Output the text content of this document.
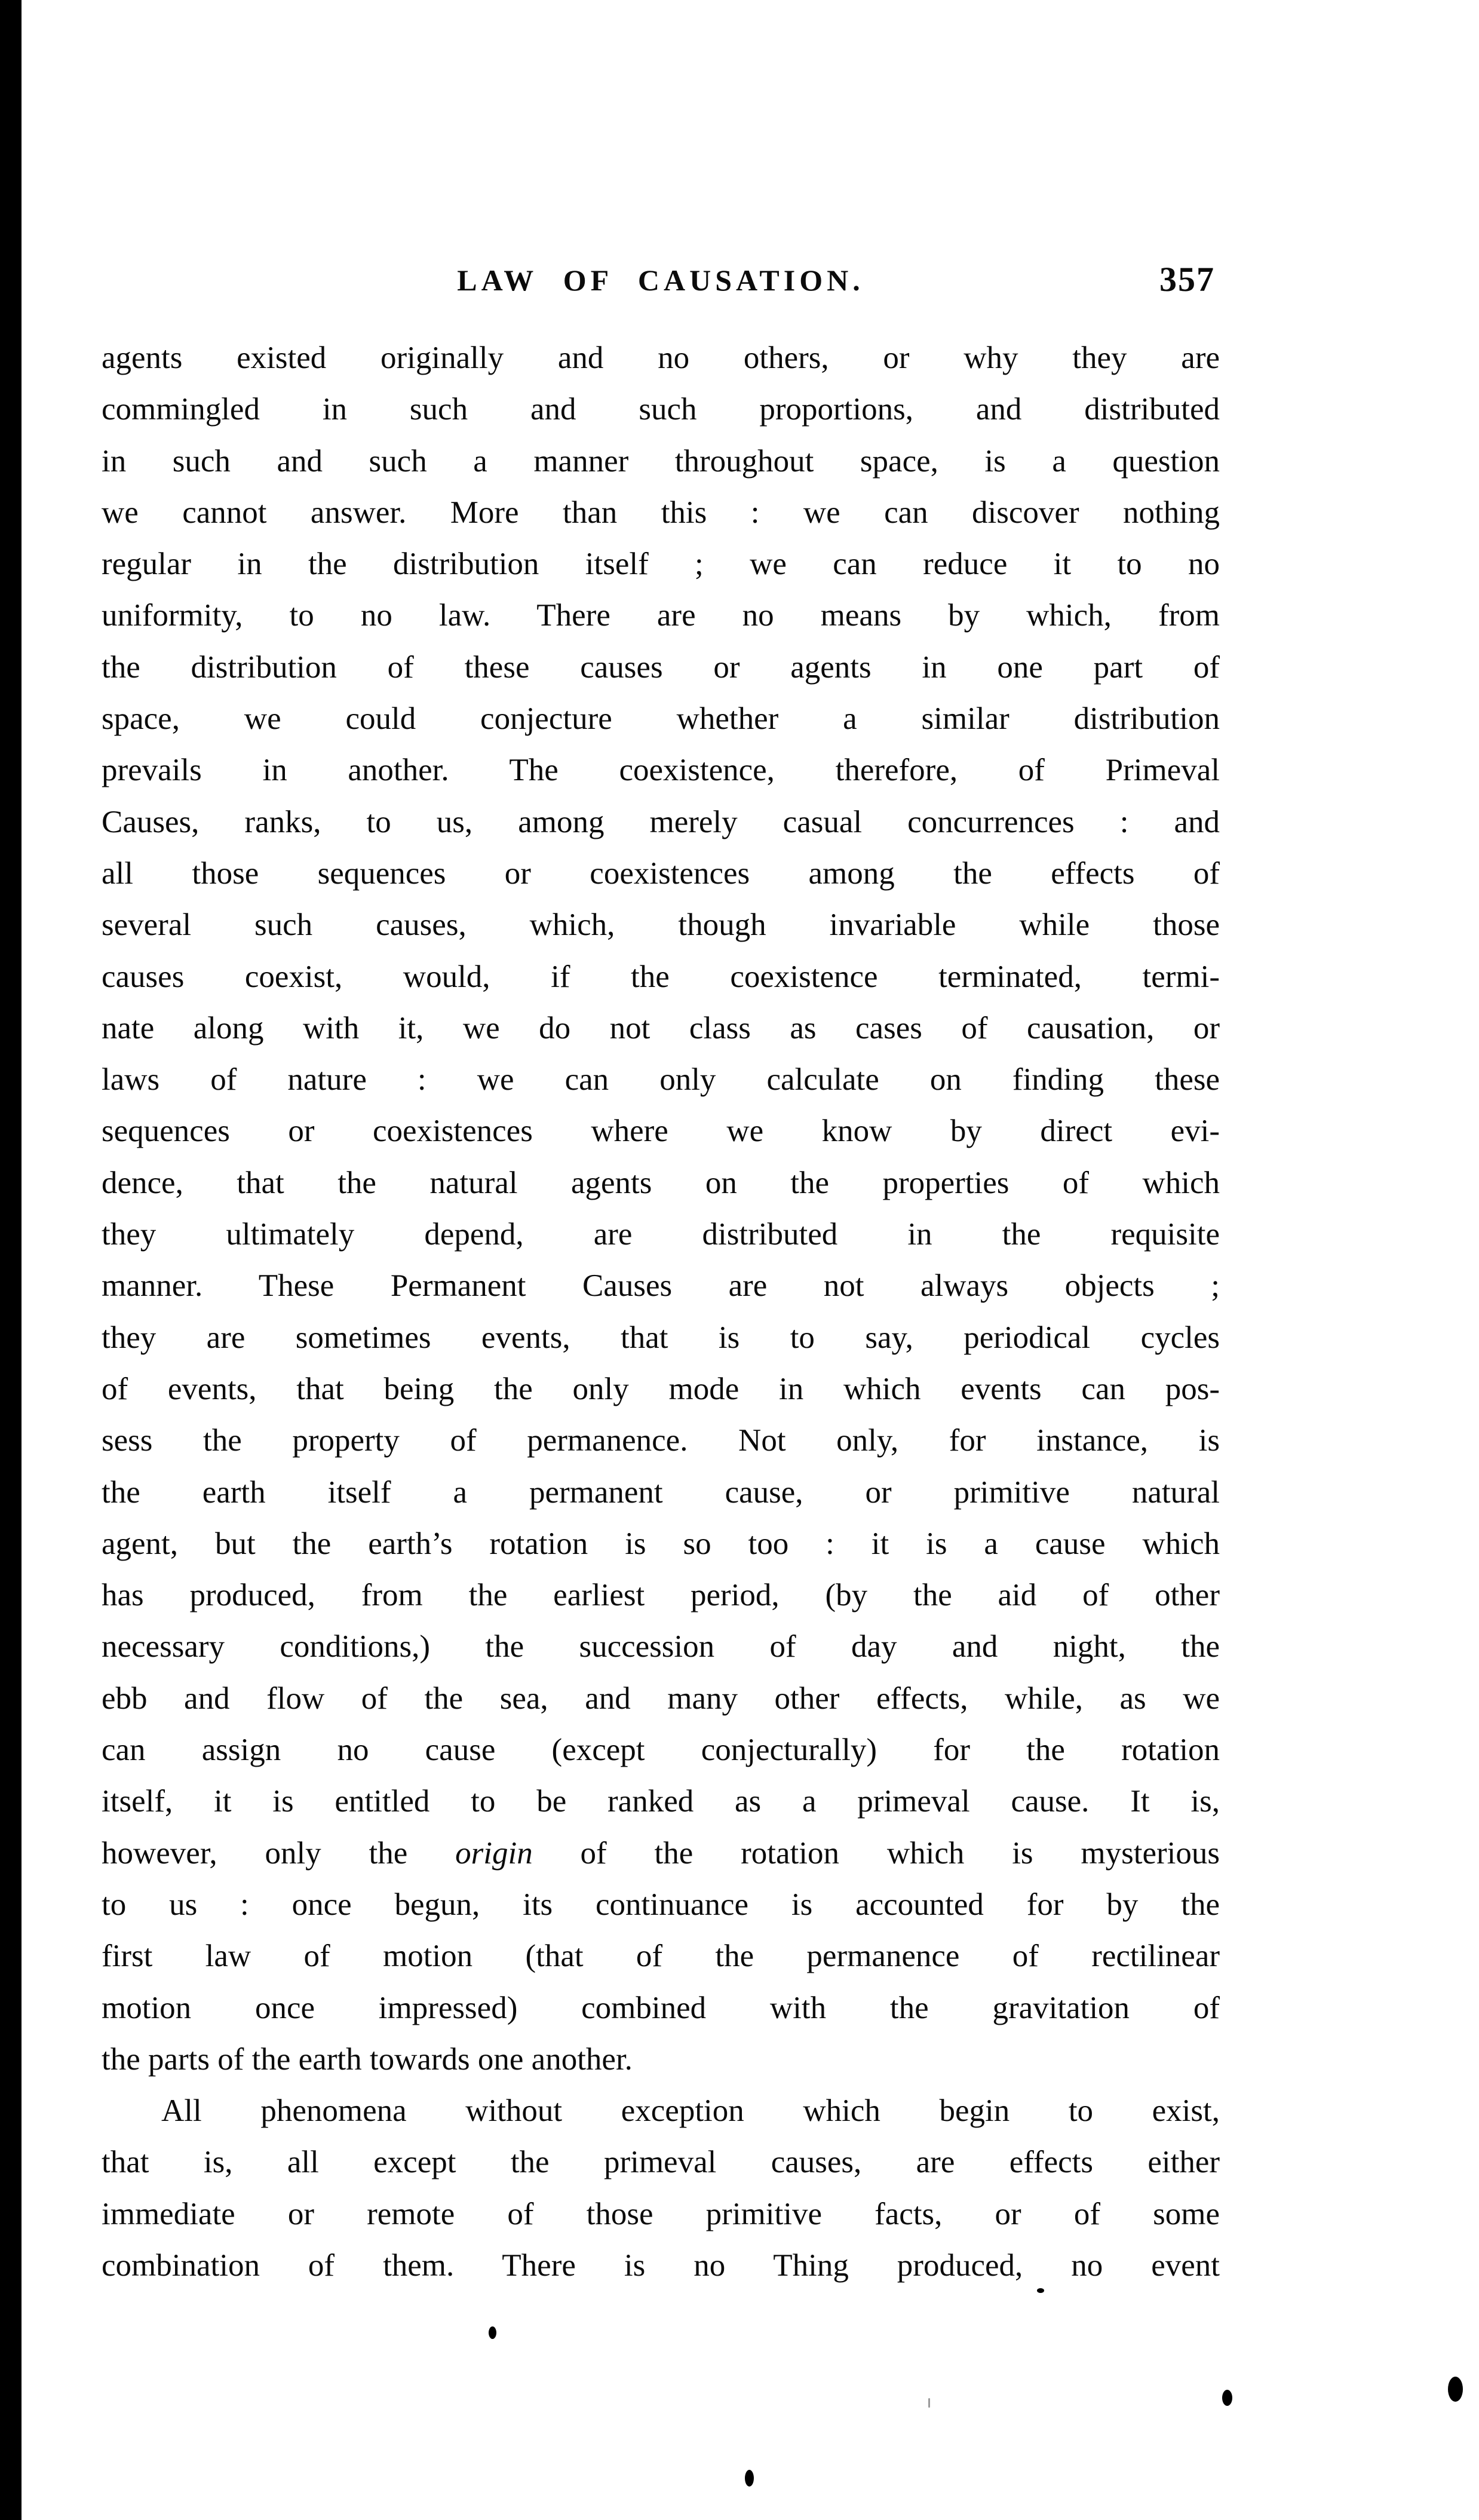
LAW OF CAUSATION.	357
agents existed originally and no others, or why they are
commingled in such and such proportions, and distributed
in such and such a manner throughout space, is a question
we cannot answer. More than this : we can discover nothing
regular in the distribution itself ; we can reduce it to no
uniformity, to no law. There are no means by which, from
the distribution of these causes or agents in one part of
space, we could conjecture whether a similar distribution
prevails in another. The coexistence, therefore, of Primeval
Causes, ranks, to us, among merely casual concurrences : and
all those sequences or coexistences among the effects of
several such causes, which, though invariable while those
causes coexist, would, if the coexistence terminated, termi-
nate along with it, we do not class as cases of causation, or
laws of nature : we can only calculate on finding these
sequences or coexistences where we know by direct evi-
dence, that the natural agents on the properties of which
they ultimately depend, are distributed in the requisite
manner. These Permanent Causes are not always objects ;
they are sometimes events, that is to say, periodical cycles
of events, that being the only mode in which events can pos-
sess the property of permanence. Not only, for instance, is
the earth itself a permanent cause, or primitive natural
agent, but the earth’s rotation is so too : it is a cause which
has produced, from the earliest period, (by the aid of other
necessary conditions,) the succession of day and night, the
ebb and flow of the sea, and many other effects, while, as we
can assign no cause (except conjecturally) for the rotation
itself, it is entitled to be ranked as a primeval cause. It is,
however, only the origin of the rotation which is mysterious
to us : once begun, its continuance is accounted for by the
first law of motion (that of the permanence of rectilinear
motion once impressed) combined with the gravitation of
the parts of the earth towards one another.
All phenomena without exception which begin to exist,
that is, all except the primeval causes, are effects either
immediate or remote of those primitive facts, or of some
combination of them. There is no Thing produced, no event
